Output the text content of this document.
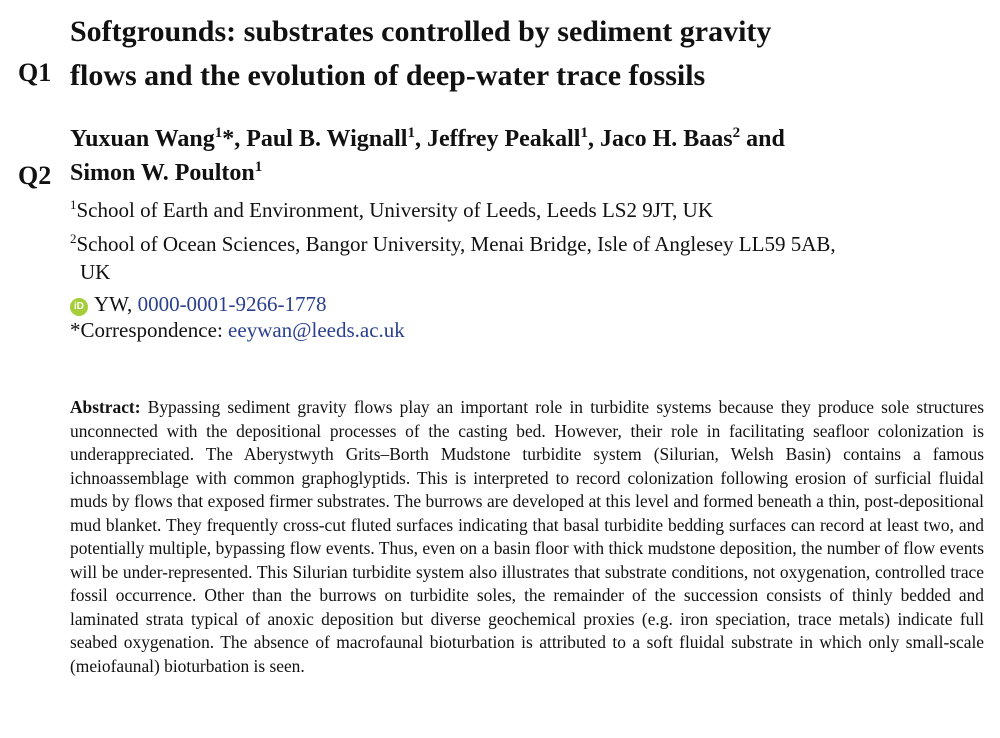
Q1
Q2
Softgrounds: substrates controlled by sediment gravity
flows and the evolution of deep-water trace fossils
Yuxuan Wang$^1$*, Paul B. Wignall$^1$, Jeffrey Peakall$^1$, Jaco H. Baas$^2$ and
Simon W. Poulton$^1$
$^1$School of Earth and Environment, University of Leeds, Leeds LS2 9JT, UK
$^2$School of Ocean Sciences, Bangor University, Menai Bridge, Isle of Anglesey LL59 5AB,
UK
iD YW, 0000-0001-9266-1778
*Correspondence: eeywan@leeds.ac.uk
Abstract: Bypassing sediment gravity flows play an important role in turbidite systems because they produce sole structures unconnected with the depositional processes of the casting bed. However, their role in facilitating seafloor colonization is underappreciated. The Aberystwyth Grits–Borth Mudstone turbidite system (Silurian, Welsh Basin) contains a famous ichnoassemblage with common graphoglyptids. This is interpreted to record colonization following erosion of surficial fluidal muds by flows that exposed firmer substrates. The burrows are developed at this level and formed beneath a thin, post-depositional mud blanket. They frequently cross-cut fluted surfaces indicating that basal turbidite bedding surfaces can record at least two, and potentially multiple, bypassing flow events. Thus, even on a basin floor with thick mudstone deposition, the number of flow events will be under-represented. This Silurian turbidite system also illustrates that substrate conditions, not oxygenation, controlled trace fossil occurrence. Other than the burrows on turbidite soles, the remainder of the succession consists of thinly bedded and laminated strata typical of anoxic deposition but diverse geochemical proxies (e.g. iron speciation, trace metals) indicate full seabed oxygenation. The absence of macrofaunal bioturbation is attributed to a soft fluidal substrate in which only small-scale (meiofaunal) bioturbation is seen.
